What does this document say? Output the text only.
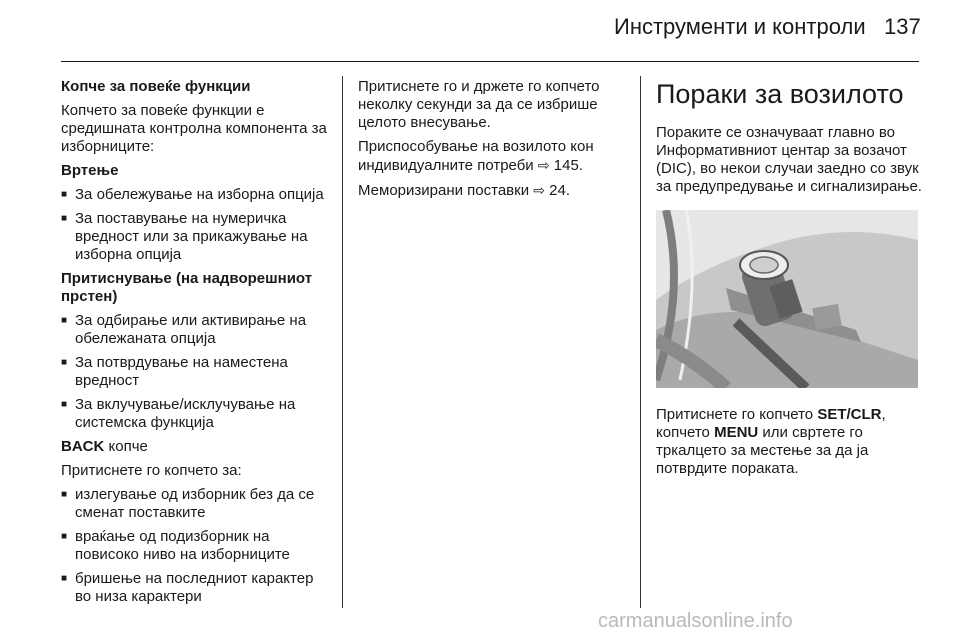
Инструменти и контроли 137

Копче за повеќе функции

Копчето за повеќе функции е средишната контролна компонента за изборниците:

Вртење

■ За обележување на изборна опција
■ За поставување на нумеричка вредност или за прикажување на изборна опција

Притиснување (на надворешниот прстен)

■ За одбирање или активирање на обележаната опција
■ За потврдување на наместена вредност
■ За вклучување/исклучување на системска функција

BACK копче

Притиснете го копчето за:

■ излегување од изборник без да се сменат поставките
■ враќање од подизборник на повисоко ниво на изборниците
■ бришење на последниот карактер во низа карактери

Притиснете го и држете го копчето неколку секунди за да се избрише целото внесување.

Приспособување на возилото кон индивидуалните потреби ⇨ 145.

Меморизирани поставки ⇨ 24.

Пораки за возилото

Пораките се означуваат главно во Информативниот центар за возачот (DIC), во некои случаи заедно со звук за предупредување и сигнализирање.

Притиснете го копчето SET/CLR, копчето MENU или свртете го тркалцето за местење за да ја потврдите пораката.

carmanualsonline.info
